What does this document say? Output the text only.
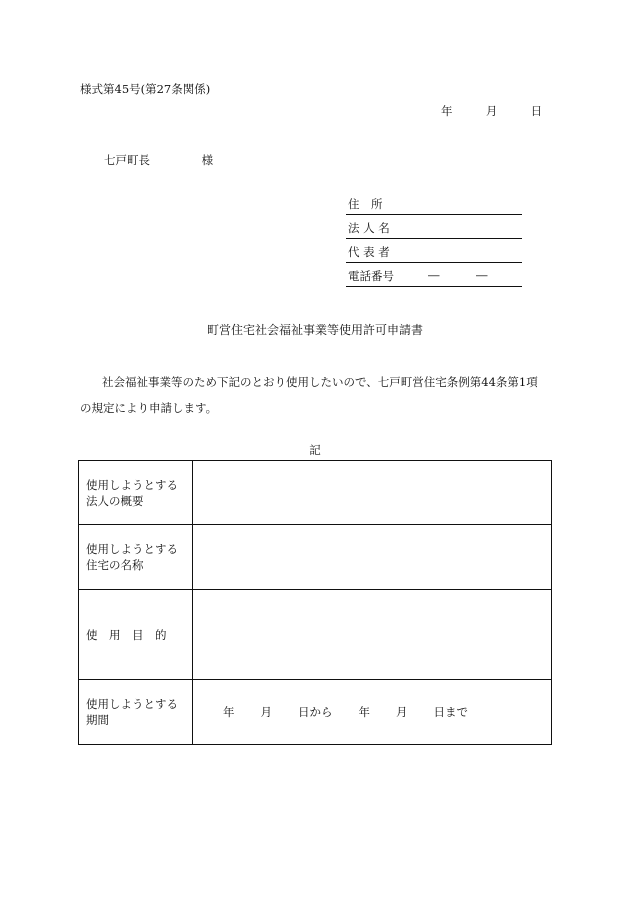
様式第45号(第27条関係)
年	月	日
七戸町長	様
住　所
法 人 名
代 表 者
電話番号	―	―
町営住宅社会福祉事業等使用許可申請書

社会福祉事業等のため下記のとおり使用したいので、七戸町営住宅条例第44条第1項

の規定により申請します。

記
使用しようとする
法人の概要	

使用しようとする
住宅の名称	

使　用　目　的	

使用しようとする
期間	年 月 日から 年 月 日まで
